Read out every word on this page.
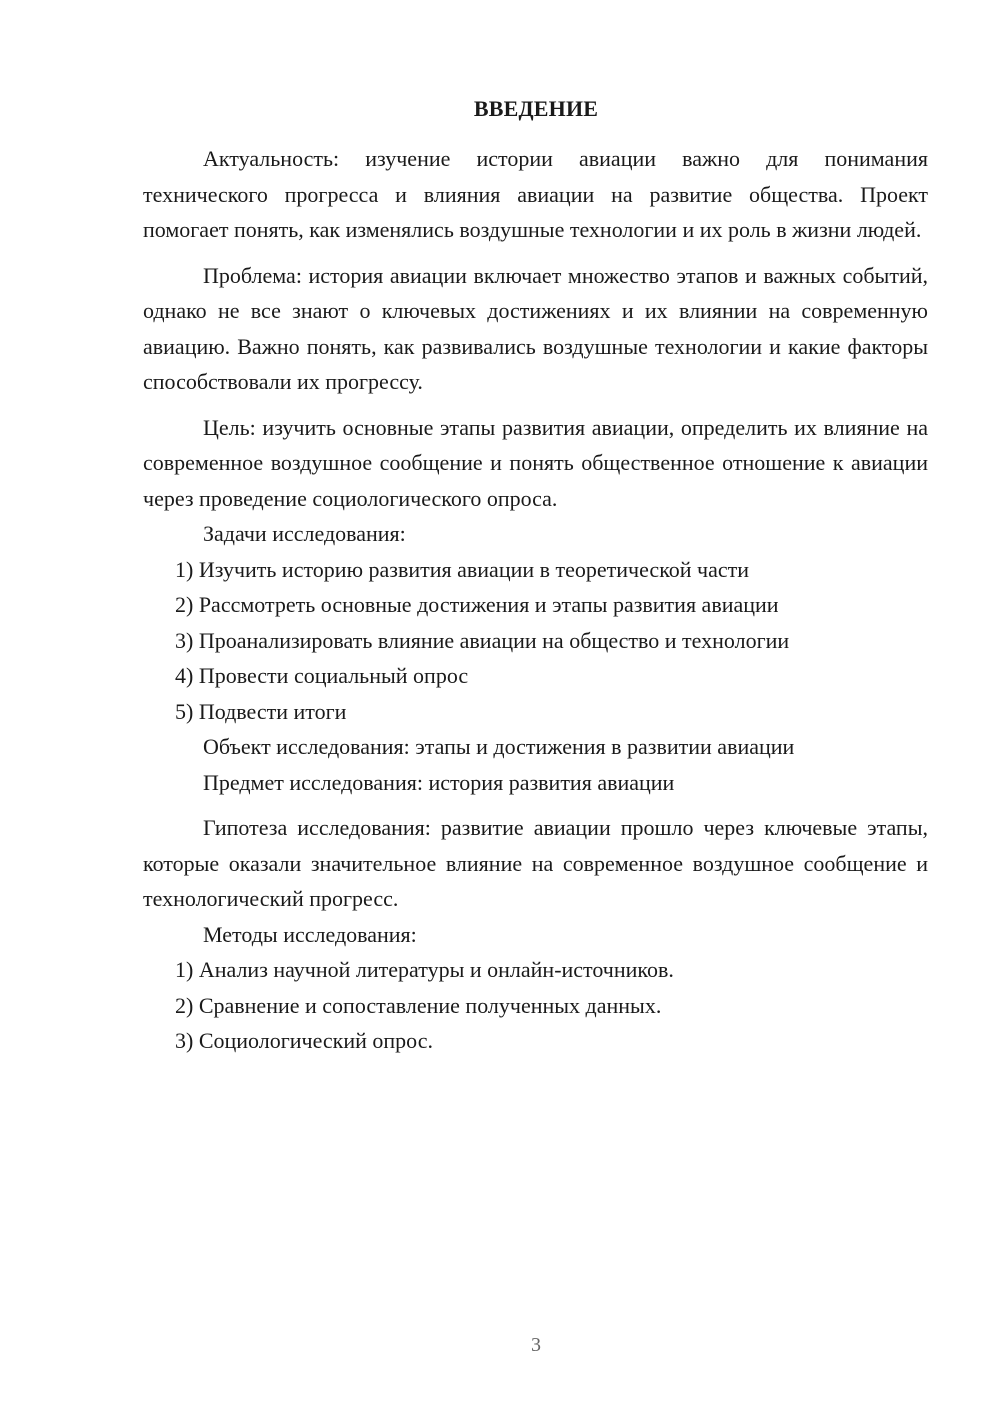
ВВЕДЕНИЕ

Актуальность: изучение истории авиации важно для понимания технического прогресса и влияния авиации на развитие общества. Проект помогает понять, как изменялись воздушные технологии и их роль в жизни людей.

Проблема: история авиации включает множество этапов и важных событий, однако не все знают о ключевых достижениях и их влиянии на современную авиацию. Важно понять, как развивались воздушные технологии и какие факторы способствовали их прогрессу.

Цель: изучить основные этапы развития авиации, определить их влияние на современное воздушное сообщение и понять общественное отношение к авиации через проведение социологического опроса.

Задачи исследования:

1) Изучить историю развития авиации в теоретической части

2) Рассмотреть основные достижения и этапы развития авиации

3) Проанализировать влияние авиации на общество и технологии

4) Провести социальный опрос

5) Подвести итоги

Объект исследования: этапы и достижения в развитии авиации

Предмет исследования: история развития авиации

Гипотеза исследования: развитие авиации прошло через ключевые этапы, которые оказали значительное влияние на современное воздушное сообщение и технологический прогресс.

Методы исследования:

1) Анализ научной литературы и онлайн-источников.

2) Сравнение и сопоставление полученных данных.

3) Социологический опрос.

3
